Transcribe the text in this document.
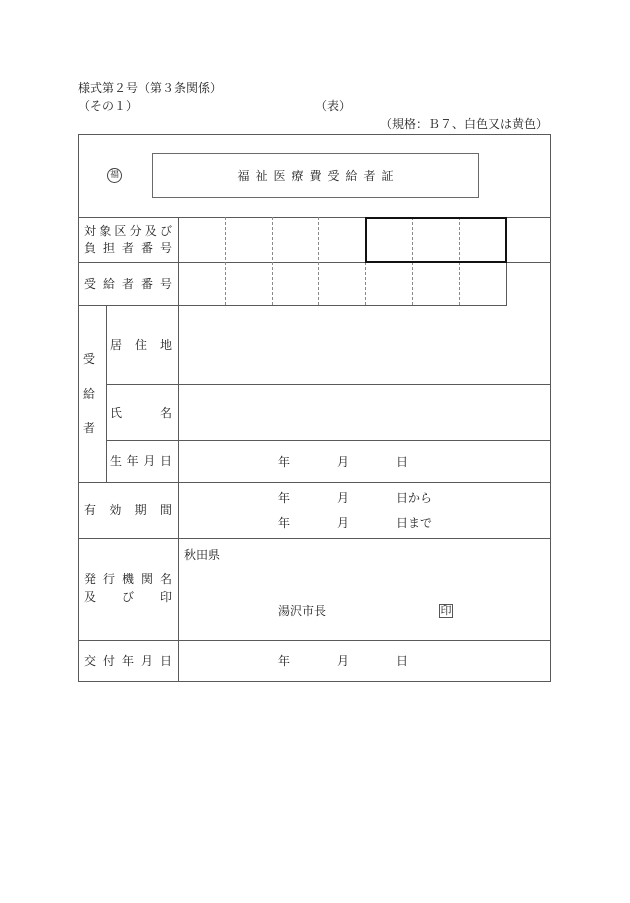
様式第２号（第３条関係）
（その１）	（表）
（規格：Ｂ７、白色又は黄色）
福	福祉医療費受給者証
対 象 区 分 及 び
負 担 者 番 号
受 給 者 番 号
受
給
者
居 住 地
氏	名
生 年 月 日	年	月	日
有 効 期 間
年	月	日から
年	月	日まで
発 行 機 関 名
及 び 印
秋田県
湯沢市長	印
交 付 年 月 日	年	月	日
